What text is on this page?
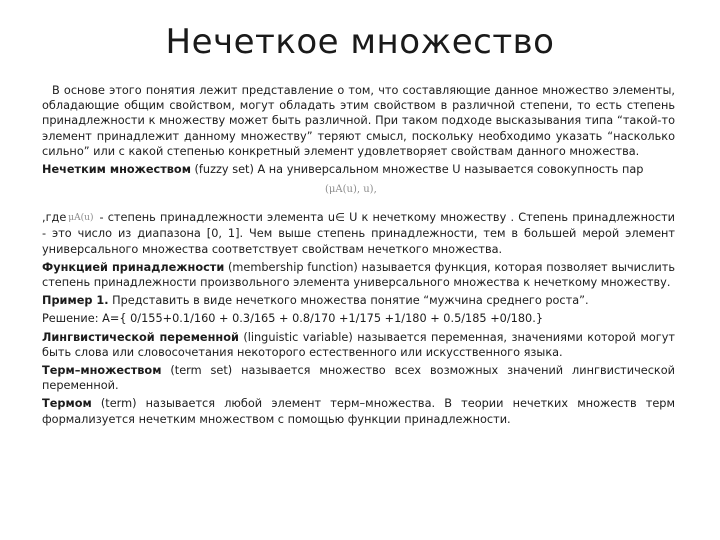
Нечеткое множество

В основе этого понятия лежит представление о том, что составляющие данное множество элементы, обладающие общим свойством, могут обладать этим свойством в различной степени, то есть степень принадлежности к множеству может быть различной. При таком подходе высказывания типа “такой-то элемент принадлежит данному множеству” теряют смысл, поскольку необходимо указать “насколько сильно” или с какой степенью конкретный элемент удовлетворяет свойствам данного множества.

Нечетким множеством (fuzzy set) A на универсальном множестве U называется совокупность пар

(μA(u), u),

,где μA(u) - степень принадлежности элемента u∈ U к нечеткому множеству . Степень принадлежности - это число из диапазона [0, 1]. Чем выше степень принадлежности, тем в большей мерой элемент универсального множества соответствует свойствам нечеткого множества.

Функцией принадлежности (membership function) называется функция, которая позволяет вычислить степень принадлежности произвольного элемента универсального множества к нечеткому множеству.

Пример 1. Представить в виде нечеткого множества понятие “мужчина среднего роста”.

Решение: А={ 0/155+0.1/160 + 0.3/165 + 0.8/170 +1/175 +1/180 + 0.5/185 +0/180.}

Лингвистической переменной (linguistic variable) называется переменная, значениями которой могут быть слова или словосочетания некоторого естественного или искусственного языка.

Терм–множеством (term set) называется множество всех возможных значений лингвистической переменной.

Термом (term) называется любой элемент терм–множества. В теории нечетких множеств терм формализуется нечетким множеством с помощью функции принадлежности.
